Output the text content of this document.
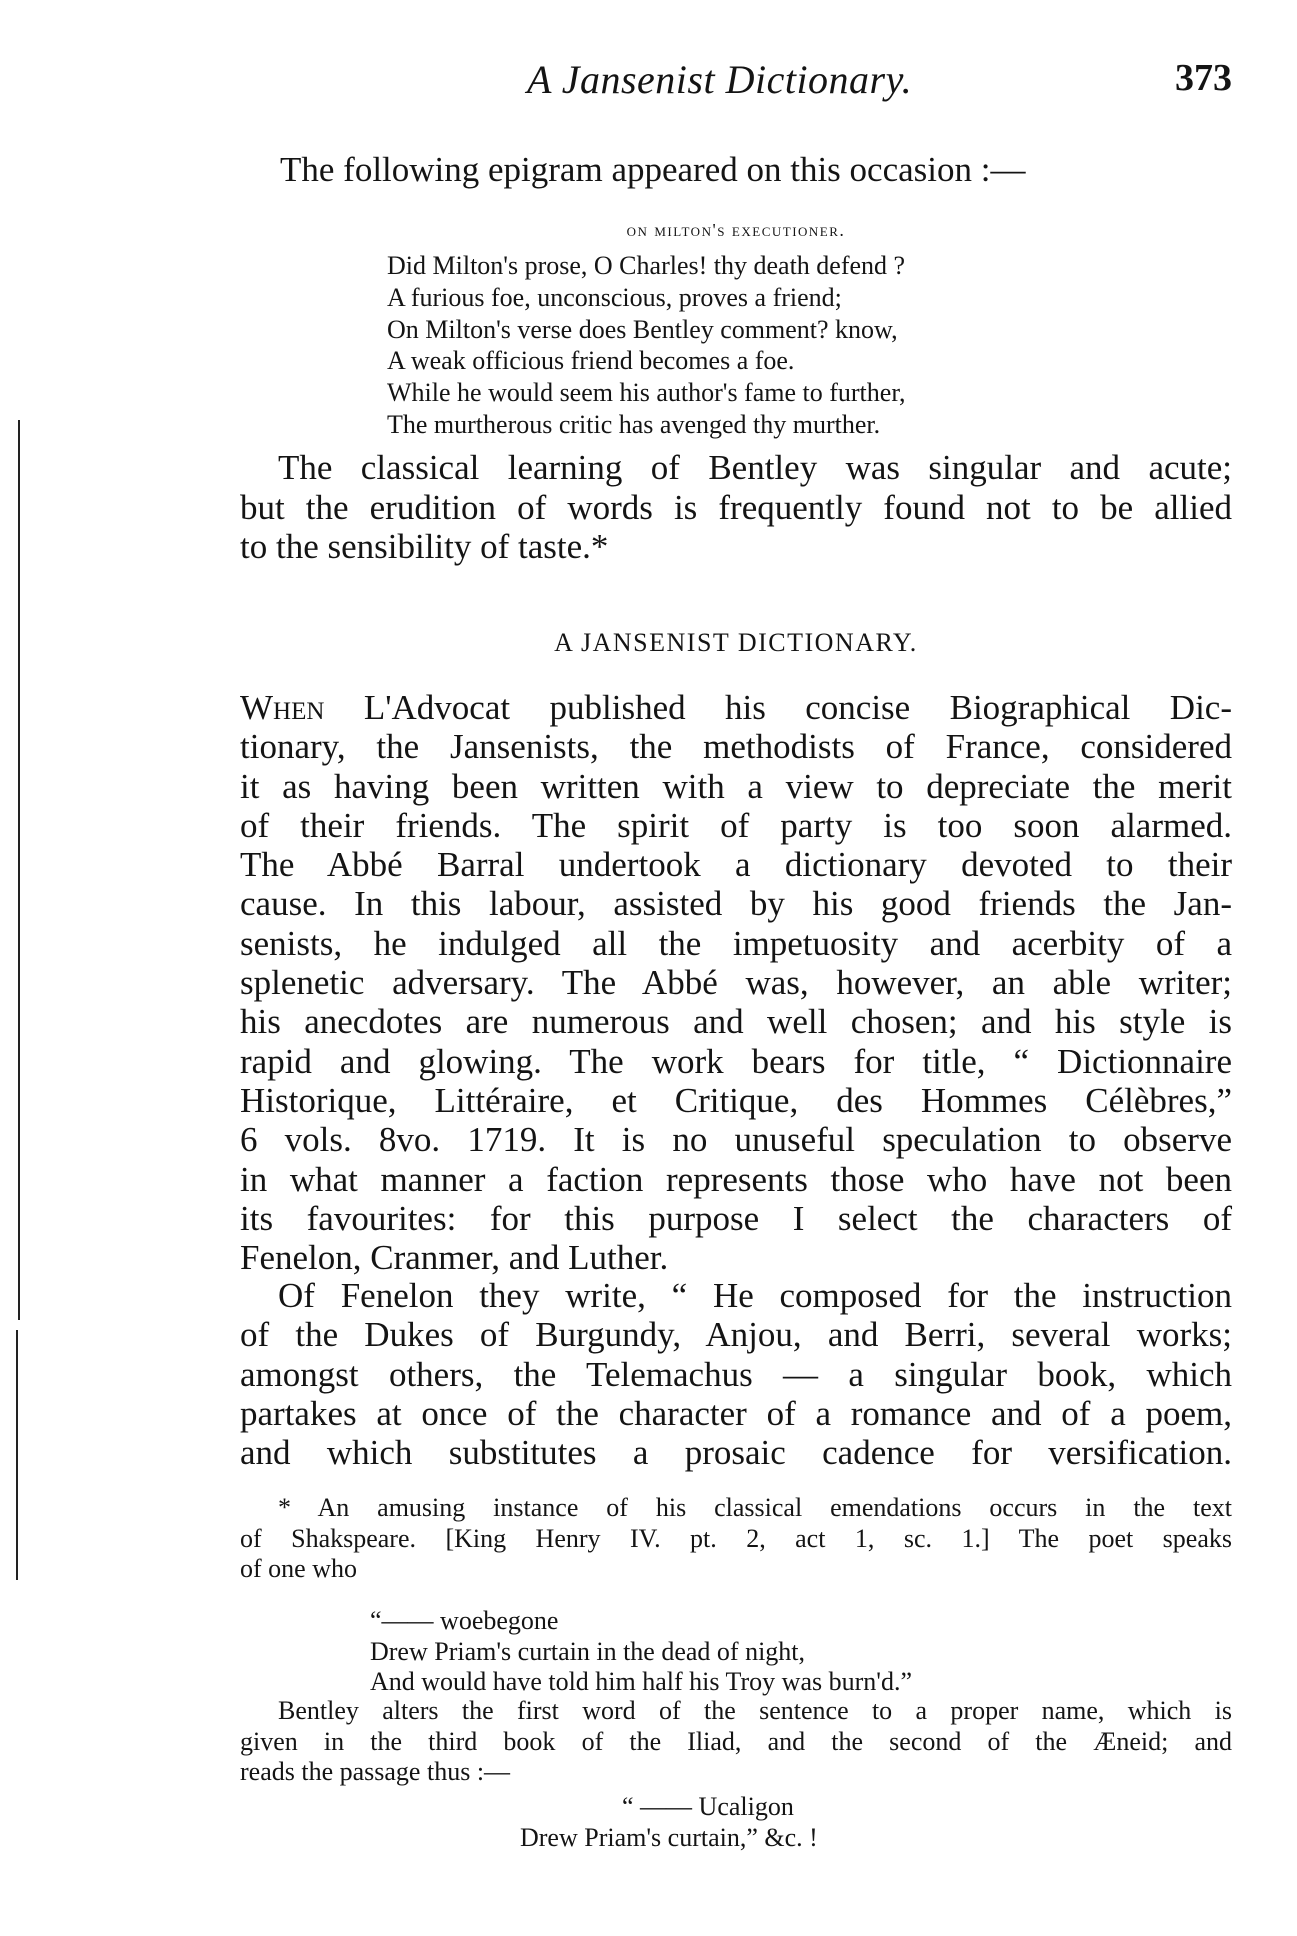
A Jansenist Dictionary.	373
The following epigram appeared on this occasion :—
on milton's executioner.
Did Milton's prose, O Charles! thy death defend ?
A furious foe, unconscious, proves a friend;
On Milton's verse does Bentley comment? know,
A weak officious friend becomes a foe.
While he would seem his author's fame to further,
The murtherous critic has avenged thy murther.
The classical learning of Bentley was singular and acute;
but the erudition of words is frequently found not to be allied
to the sensibility of taste.*
A JANSENIST DICTIONARY.
When L'Advocat published his concise Biographical Dic-
tionary, the Jansenists, the methodists of France, considered
it as having been written with a view to depreciate the merit
of their friends. The spirit of party is too soon alarmed.
The Abbé Barral undertook a dictionary devoted to their
cause. In this labour, assisted by his good friends the Jan-
senists, he indulged all the impetuosity and acerbity of a
splenetic adversary. The Abbé was, however, an able writer;
his anecdotes are numerous and well chosen; and his style is
rapid and glowing. The work bears for title, “ Dictionnaire
Historique, Littéraire, et Critique, des Hommes Célèbres,”
6 vols. 8vo. 1719. It is no unuseful speculation to observe
in what manner a faction represents those who have not been
its favourites: for this purpose I select the characters of
Fenelon, Cranmer, and Luther.
Of Fenelon they write, “ He composed for the instruction
of the Dukes of Burgundy, Anjou, and Berri, several works;
amongst others, the Telemachus — a singular book, which
partakes at once of the character of a romance and of a poem,
and which substitutes a prosaic cadence for versification.
* An amusing instance of his classical emendations occurs in the text
of Shakspeare. [King Henry IV. pt. 2, act 1, sc. 1.] The poet speaks
of one who
“—— woebegone
Drew Priam's curtain in the dead of night,
And would have told him half his Troy was burn'd.”
Bentley alters the first word of the sentence to a proper name, which is
given in the third book of the Iliad, and the second of the Æneid; and
reads the passage thus :—
“ —— Ucaligon
Drew Priam's curtain,” &c. !
